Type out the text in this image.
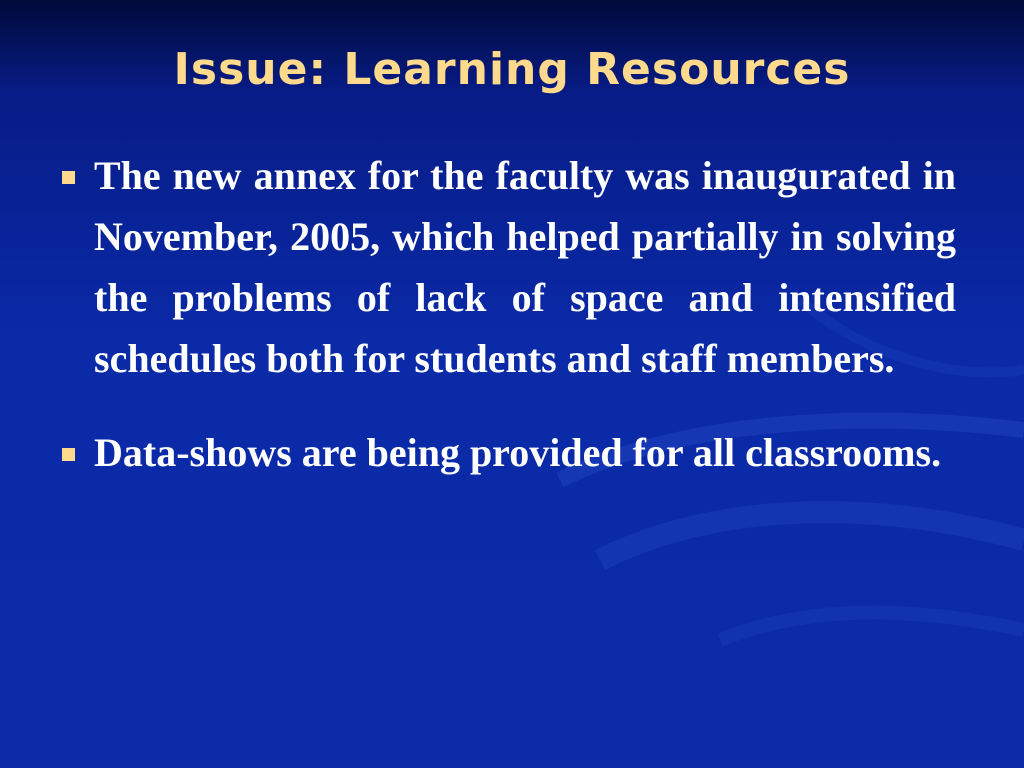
Issue: Learning Resources
The new annex for the faculty was inaugurated in November, 2005, which helped partially in solving the problems of lack of space and intensified schedules both for students and staff members.
Data-shows are being provided for all classrooms.
